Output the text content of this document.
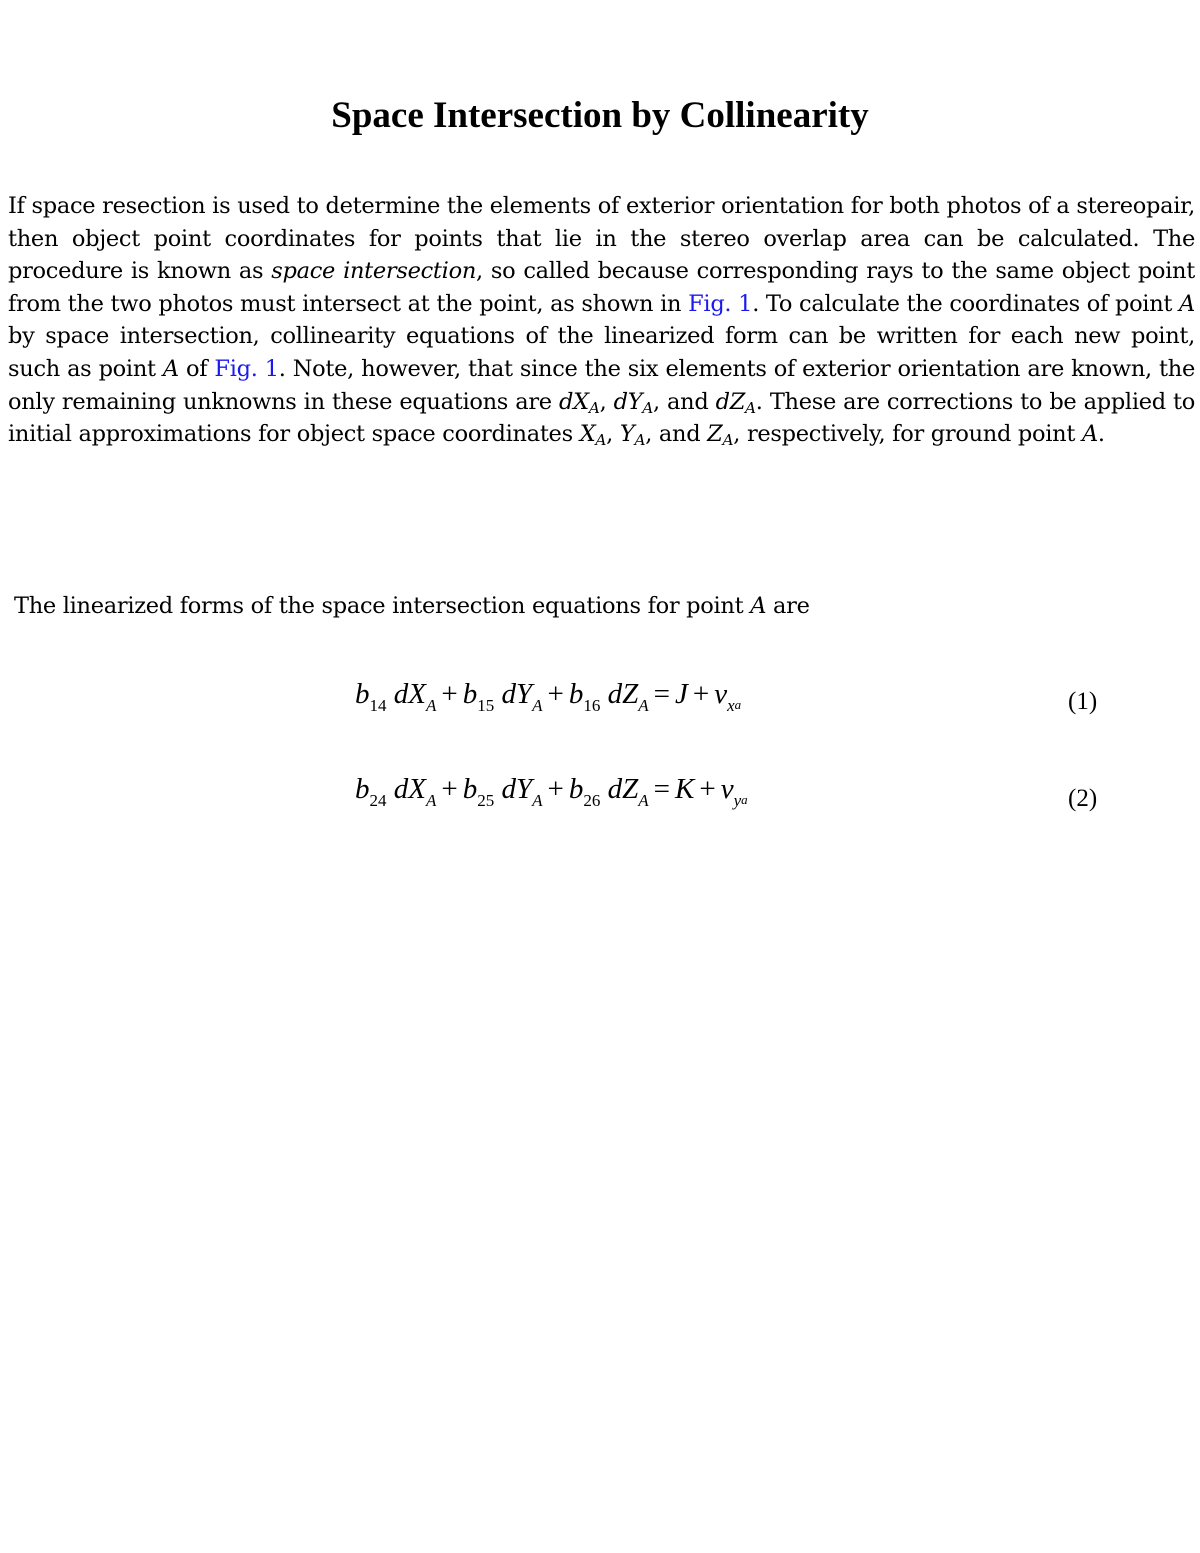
Space Intersection by Collinearity

If space resection is used to determine the elements of exterior orientation for both photos of a stereopair, then object point coordinates for points that lie in the stereo overlap area can be calculated. The procedure is known as space intersection, so called because corresponding rays to the same object point from the two photos must intersect at the point, as shown in Fig. 1. To calculate the coordinates of point A by space intersection, collinearity equations of the linearized form can be written for each new point, such as point A of Fig. 1. Note, however, that since the six elements of exterior orientation are known, the only remaining unknowns in these equations are $dX_A$, $dY_A$, and $dZ_A$. These are corrections to be applied to initial approximations for object space coordinates $X_A$, $Y_A$, and $Z_A$, respectively, for ground point A.

The linearized forms of the space intersection equations for point A are

$b_{14}$ $dX_A + b_{15}$ $dY_A + b_{16}$ $dZ_A = J + v_{xa}$	(1)
$b_{24}$ $dX_A + b_{25}$ $dY_A + b_{26}$ $dZ_A = K + v_{ya}$	(2)
